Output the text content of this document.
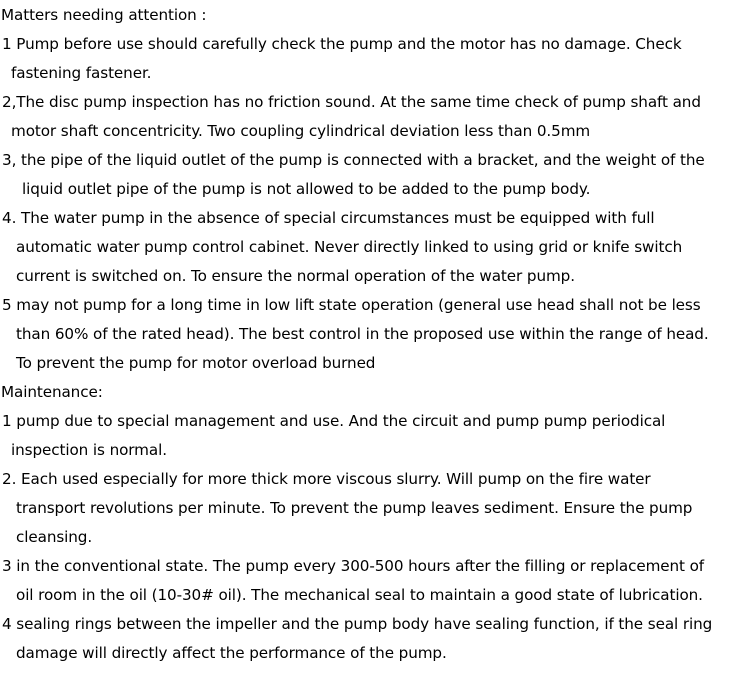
Matters needing attention :
1 Pump before use should carefully check the pump and the motor has no damage. Check
fastening fastener.
2,The disc pump inspection has no friction sound. At the same time check of pump shaft and
motor shaft concentricity. Two coupling cylindrical deviation less than 0.5mm
3, the pipe of the liquid outlet of the pump is connected with a bracket, and the weight of the
liquid outlet pipe of the pump is not allowed to be added to the pump body.
4. The water pump in the absence of special circumstances must be equipped with full
automatic water pump control cabinet. Never directly linked to using grid or knife switch
current is switched on. To ensure the normal operation of the water pump.
5 may not pump for a long time in low lift state operation (general use head shall not be less
than 60% of the rated head). The best control in the proposed use within the range of head.
To prevent the pump for motor overload burned
Maintenance:
1 pump due to special management and use. And the circuit and pump pump periodical
inspection is normal.
2. Each used especially for more thick more viscous slurry. Will pump on the fire water
transport revolutions per minute. To prevent the pump leaves sediment. Ensure the pump
cleansing.
3 in the conventional state. The pump every 300-500 hours after the filling or replacement of
oil room in the oil (10-30# oil). The mechanical seal to maintain a good state of lubrication.
4 sealing rings between the impeller and the pump body have sealing function, if the seal ring
damage will directly affect the performance of the pump.
